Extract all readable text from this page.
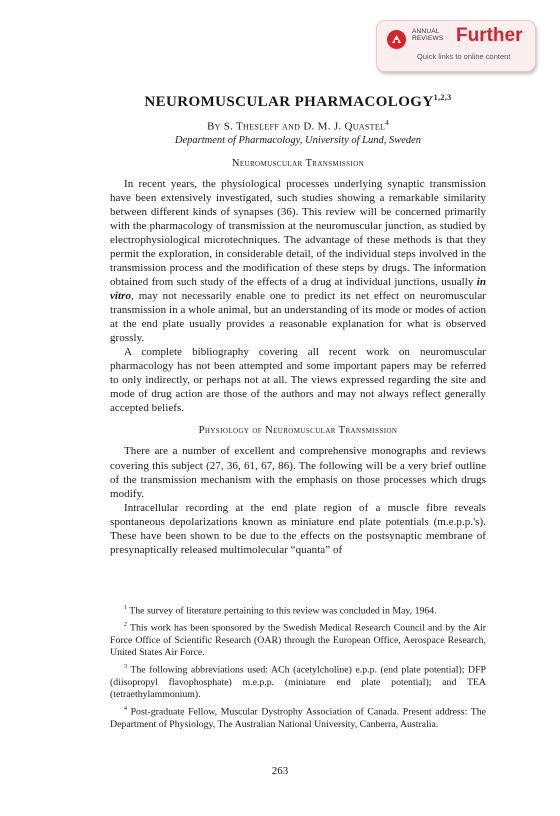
ANNUAL
REVIEWS Further
Quick links to online content
NEUROMUSCULAR PHARMACOLOGY$^{1,2,3}$
By S. Thesleff and D. M. J. Quastel$^4$
Department of Pharmacology, University of Lund, Sweden
Neuromuscular Transmission

In recent years, the physiological processes underlying synaptic transmission have been extensively investigated, such studies showing a remarkable similarity between different kinds of synapses (36). This review will be concerned primarily with the pharmacology of transmission at the neuromuscular junction, as studied by electrophysiological microtechniques. The advantage of these methods is that they permit the exploration, in considerable detail, of the individual steps involved in the transmission process and the modification of these steps by drugs. The information obtained from such study of the effects of a drug at individual junctions, usually in vitro, may not necessarily enable one to predict its net effect on neuromuscular transmission in a whole animal, but an understanding of its mode or modes of action at the end plate usually provides a reasonable explanation for what is observed grossly.

A complete bibliography covering all recent work on neuromuscular pharmacology has not been attempted and some important papers may be referred to only indirectly, or perhaps not at all. The views expressed regarding the site and mode of drug action are those of the authors and may not always reflect generally accepted beliefs.

Physiology of Neuromuscular Transmission

There are a number of excellent and comprehensive monographs and reviews covering this subject (27, 36, 61, 67, 86). The following will be a very brief outline of the transmission mechanism with the emphasis on those processes which drugs modify.

Intracellular recording at the end plate region of a muscle fibre reveals spontaneous depolarizations known as miniature end plate potentials (m.e.p.p.'s). These have been shown to be due to the effects on the postsynaptic membrane of presynaptically released multimolecular “quanta” of

$^1$ The survey of literature pertaining to this review was concluded in May, 1964.

$^2$ This work has been sponsored by the Swedish Medical Research Council and by the Air Force Office of Scientific Research (OAR) through the European Office, Aerospace Research, United States Air Force.

$^3$ The following abbreviations used: ACh (acetylcholine) e.p.p. (end plate potential); DFP (diisopropyl flavophosphate) m.e.p.p. (miniature end plate potential); and TEA (tetraethylammonium).

$^4$ Post-graduate Fellow, Muscular Dystrophy Association of Canada. Present address: The Department of Physiology, The Australian National University, Canberra, Australia.

263
